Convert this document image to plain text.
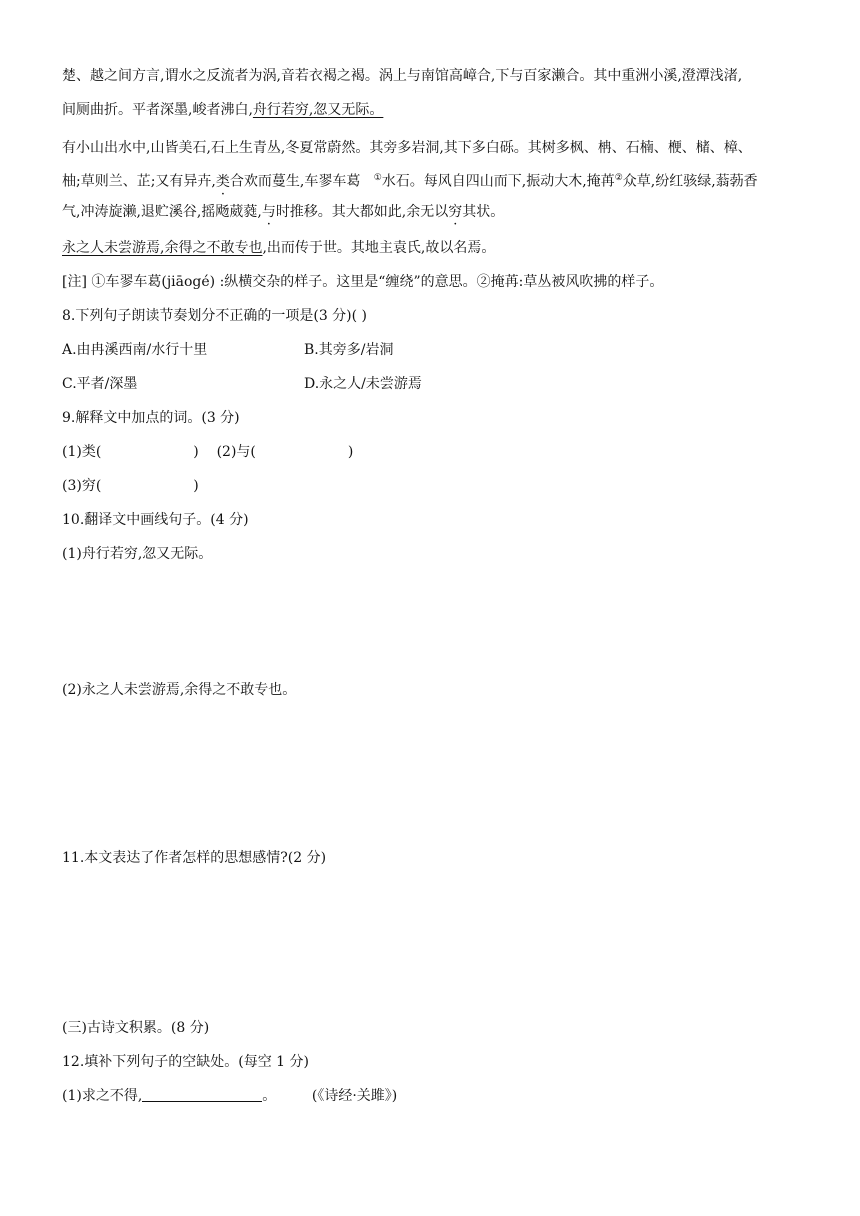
楚、越之间方言,谓水之反流者为涡,音若衣褐之褐。涡上与南馆高嶂合,下与百家濑合。其中重洲小溪,澄潭浅渚,
间厕曲折。平者深墨,峻者沸白,舟行若穷,忽又无际。
有小山出水中,山皆美石,石上生青丛,冬夏常蔚然。其旁多岩洞,其下多白砾。其树多枫、柟、石楠、楩、槠、樟、
柚;草则兰、芷;又有异卉,类合欢而蔓生,车翏车葛 ①水石。每风自四山而下,振动大木,掩苒②众草,纷红骇绿,蓊葧香
气,冲涛旋濑,退贮溪谷,摇飏葳蕤,与时推移。其大都如此,余无以穷其状。
永之人未尝游焉,余得之不敢专也,出而传于世。其地主袁氏,故以名焉。
[注] ①车翏车葛(jiāogé) :纵横交杂的样子。这里是“缠绕”的意思。②掩苒:草丛被风吹拂的样子。
8.下列句子朗读节奏划分不正确的一项是(3 分)( )
A.由冉溪西南/水行十里	B.其旁多/岩洞
C.平者/深墨	D.永之人/未尝游焉
9.解释文中加点的词。(3 分)
(1)类(	) (2)与(	)
(3)穷(	)
10.翻译文中画线句子。(4 分)
(1)舟行若穷,忽又无际。
(2)永之人未尝游焉,余得之不敢专也。
11.本文表达了作者怎样的思想感情?(2 分)
(三)古诗文积累。(8 分)
12.填补下列句子的空缺处。(每空 1 分)
(1)求之不得,	。	(《诗经·关雎》)
